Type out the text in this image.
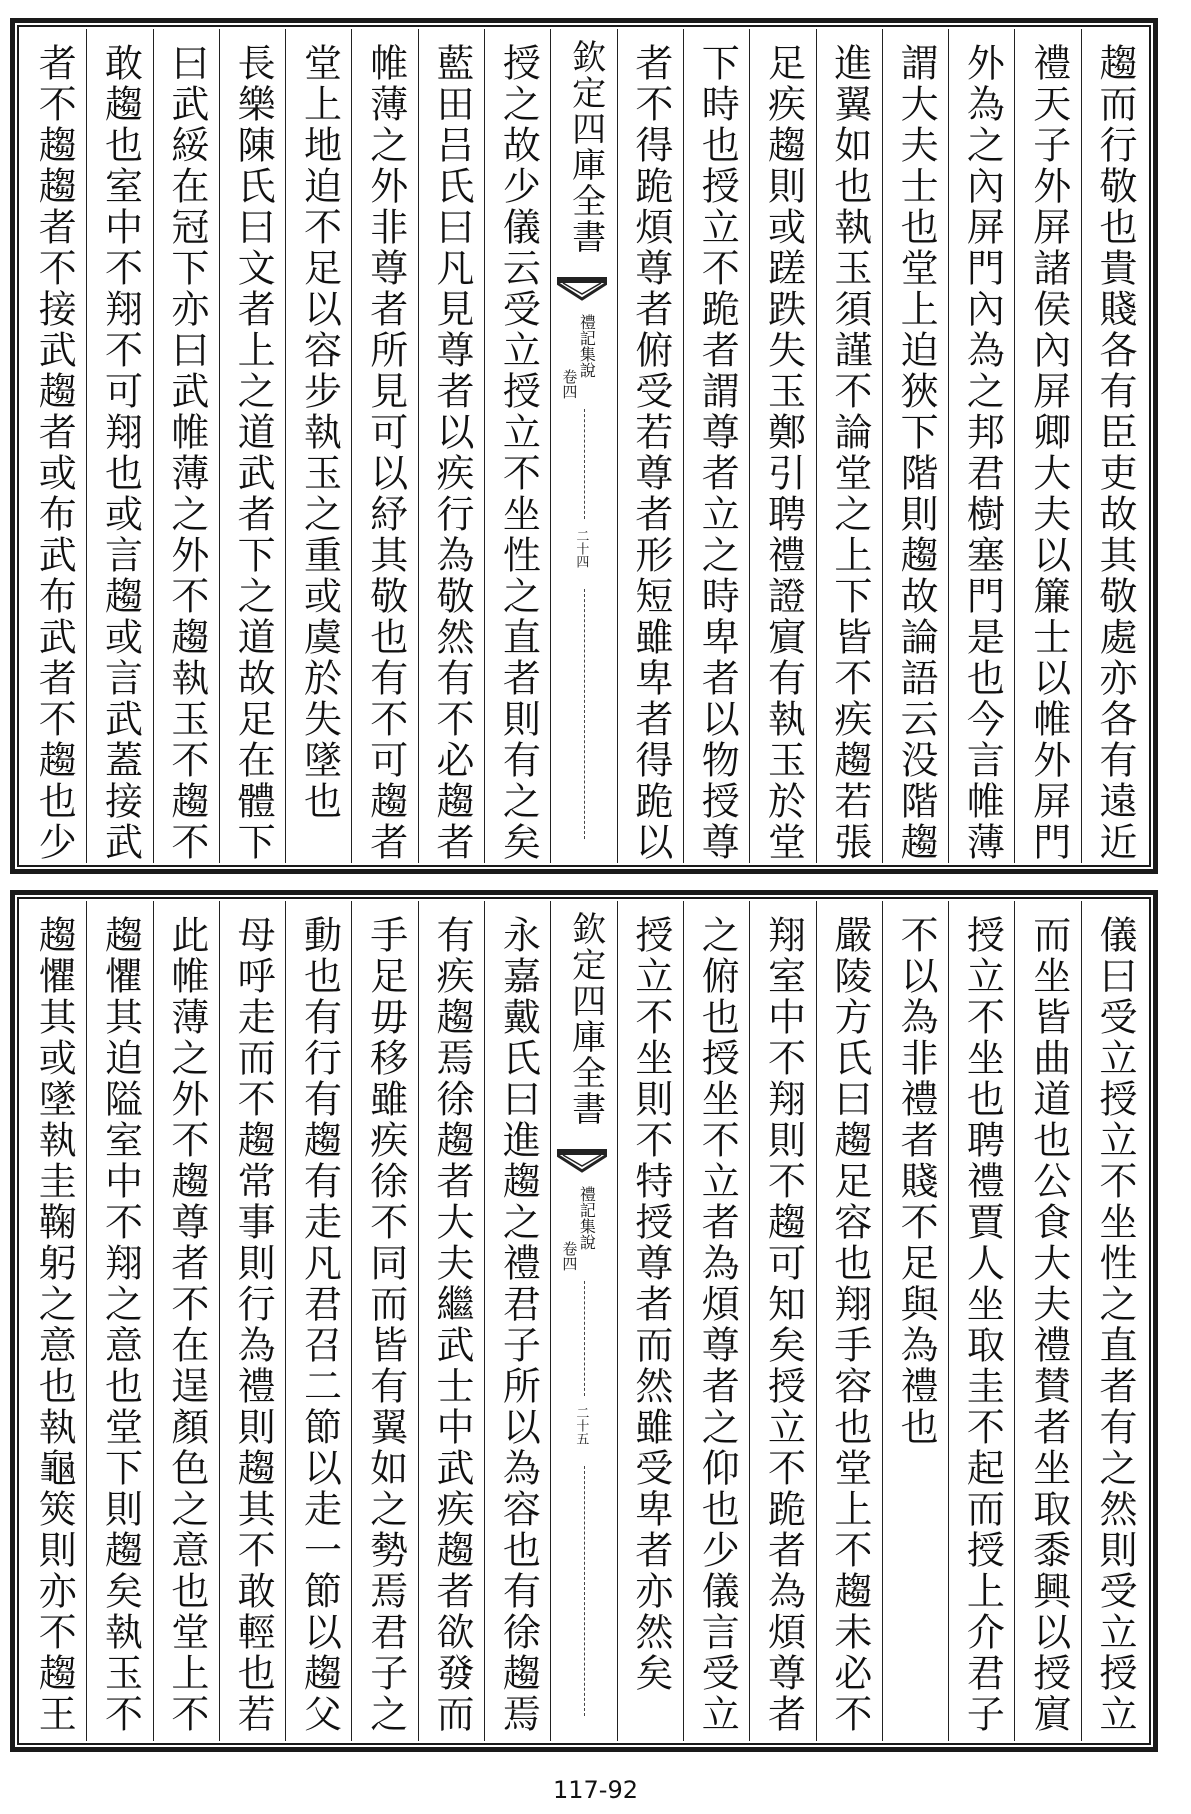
趨而行敬也貴賤各有臣吏故其敬處亦各有遠近
禮天子外屏諸侯內屏卿大夫以簾士以帷外屏門
外為之內屏門內為之邦君樹塞門是也今言帷薄
謂大夫士也堂上迫狹下階則趨故論語云没階趨
進翼如也執玉須謹不論堂之上下皆不疾趨若張
足疾趨則或蹉跌失玉鄭引聘禮證賔有執玉於堂
下時也授立不跪者謂尊者立之時卑者以物授尊
者不得跪煩尊者俯受若尊者形短雖卑者得跪以
欽定四庫全書
禮記集說
卷四
二十四
授之故少儀云受立授立不坐性之直者則有之矣
藍田吕氏曰凡見尊者以疾行為敬然有不必趨者
帷薄之外非尊者所見可以紓其敬也有不可趨者
堂上地迫不足以容步執玉之重或虞於失墜也
長樂陳氏曰文者上之道武者下之道故足在體下
曰武綏在冠下亦曰武帷薄之外不趨執玉不趨不
敢趨也室中不翔不可翔也或言趨或言武蓋接武
者不趨趨者不接武趨者或布武布武者不趨也少
儀曰受立授立不坐性之直者有之然則受立授立
而坐皆曲道也公食大夫禮賛者坐取黍興以授賔
授立不坐也聘禮賈人坐取圭不起而授上介君子
不以為非禮者賤不足與為禮也
嚴陵方氏曰趨足容也翔手容也堂上不趨未必不
翔室中不翔則不趨可知矣授立不跪者為煩尊者
之俯也授坐不立者為煩尊者之仰也少儀言受立
授立不坐則不特授尊者而然雖受卑者亦然矣
欽定四庫全書
禮記集說
卷四
二十五
永嘉戴氏曰進趨之禮君子所以為容也有徐趨焉
有疾趨焉徐趨者大夫繼武士中武疾趨者欲發而
手足毋移雖疾徐不同而皆有翼如之勢焉君子之
動也有行有趨有走凡君召二節以走一節以趨父
母呼走而不趨常事則行為禮則趨其不敢輕也若
此帷薄之外不趨尊者不在逞顏色之意也堂上不
趨懼其迫隘室中不翔之意也堂下則趨矣執玉不
趨懼其或墜執圭鞠躬之意也執龜筴則亦不趨王
117-92
